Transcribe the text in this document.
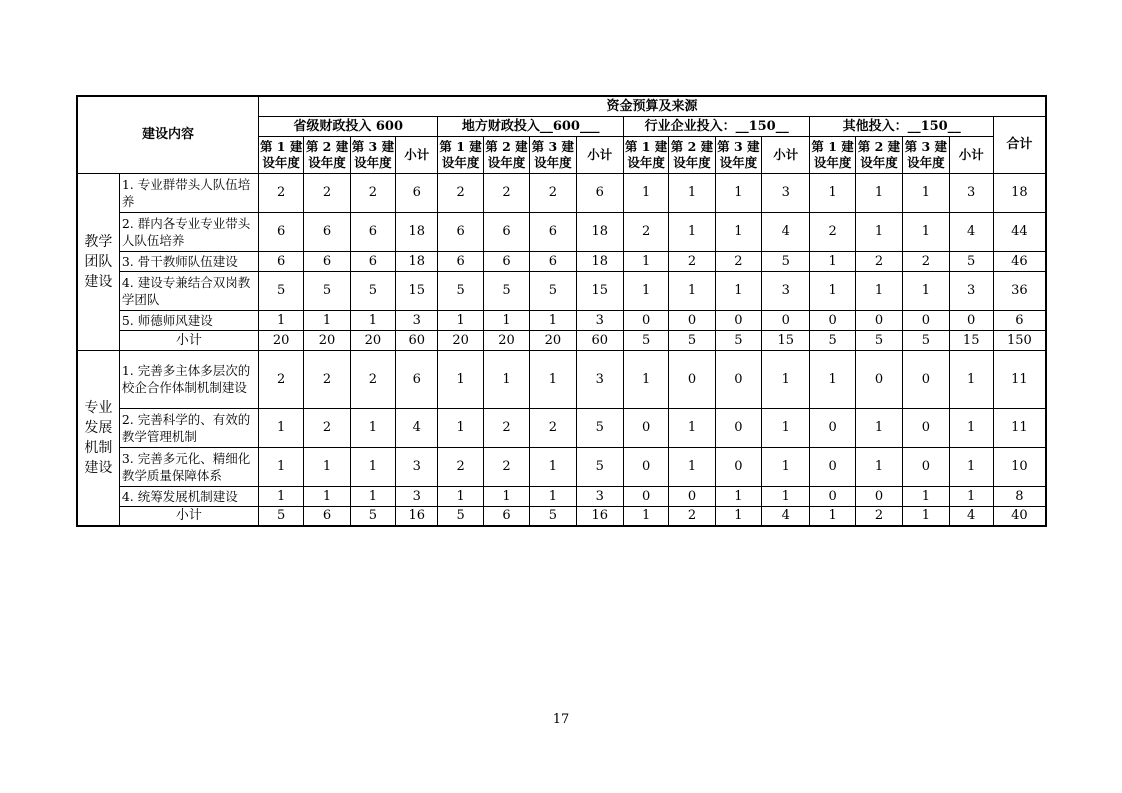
建设内容		资金预算及来源																
		省级财政投入 600				地方财政投入__600___				行业企业投入：__150__				其他投入：__150__				合计
		第 1 建设年度	第 2 建设年度	第 3 建设年度	小计	第 1 建设年度	第 2 建设年度	第 3 建设年度	小计	第 1 建设年度	第 2 建设年度	第 3 建设年度	小计	第 1 建设年度	第 2 建设年度	第 3 建设年度	小计	
教学团队建设	1. 专业群带头人队伍培养	2	2	2	6	2	2	2	6	1	1	1	3	1	1	1	3	18
	2. 群内各专业专业带头人队伍培养	6	6	6	18	6	6	6	18	2	1	1	4	2	1	1	4	44
	3. 骨干教师队伍建设	6	6	6	18	6	6	6	18	1	2	2	5	1	2	2	5	46
	4. 建设专兼结合双岗教学团队	5	5	5	15	5	5	5	15	1	1	1	3	1	1	1	3	36
	5. 师德师风建设	1	1	1	3	1	1	1	3	0	0	0	0	0	0	0	0	6
	小计	20	20	20	60	20	20	20	60	5	5	5	15	5	5	5	15	150
专业发展机制建设	1. 完善多主体多层次的校企合作体制机制建设	2	2	2	6	1	1	1	3	1	0	0	1	1	0	0	1	11
	2. 完善科学的、有效的教学管理机制	1	2	1	4	1	2	2	5	0	1	0	1	0	1	0	1	11
	3. 完善多元化、精细化教学质量保障体系	1	1	1	3	2	2	1	5	0	1	0	1	0	1	0	1	10
	4. 统筹发展机制建设	1	1	1	3	1	1	1	3	0	0	1	1	0	0	1	1	8
	小计	5	6	5	16	5	6	5	16	1	2	1	4	1	2	1	4	40
17
